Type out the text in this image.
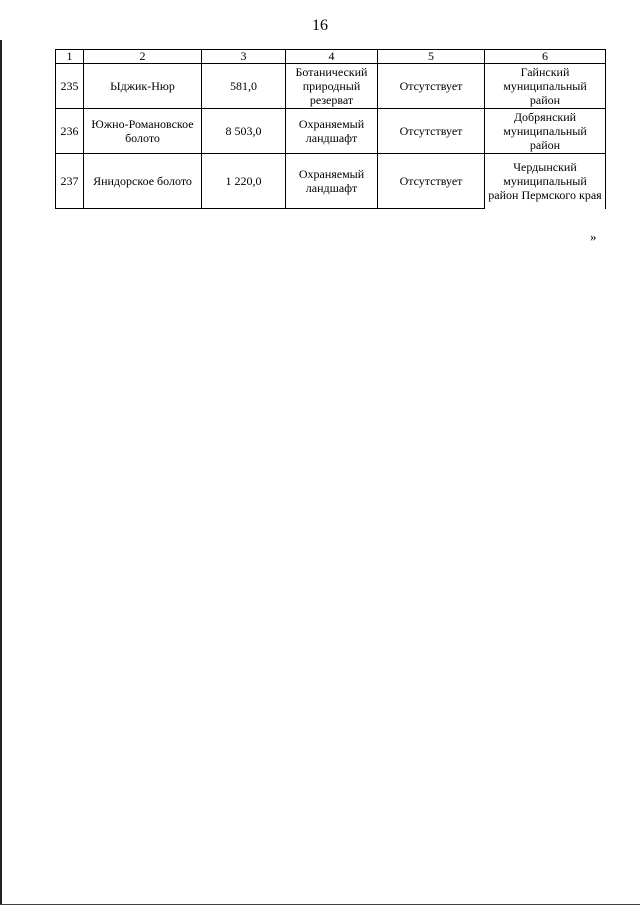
16
1	2	3	4	5	6
235	Ыджик-Нюр	581,0	Ботанический природный резерват	Отсутствует	Гайнский муниципальный район
236	Южно-Романовское болото	8 503,0	Охраняемый ландшафт	Отсутствует	Добрянский муниципальный район
237	Янидорское болото	1 220,0	Охраняемый ландшафт	Отсутствует	Чердынский муниципальный район Пермского края
»
